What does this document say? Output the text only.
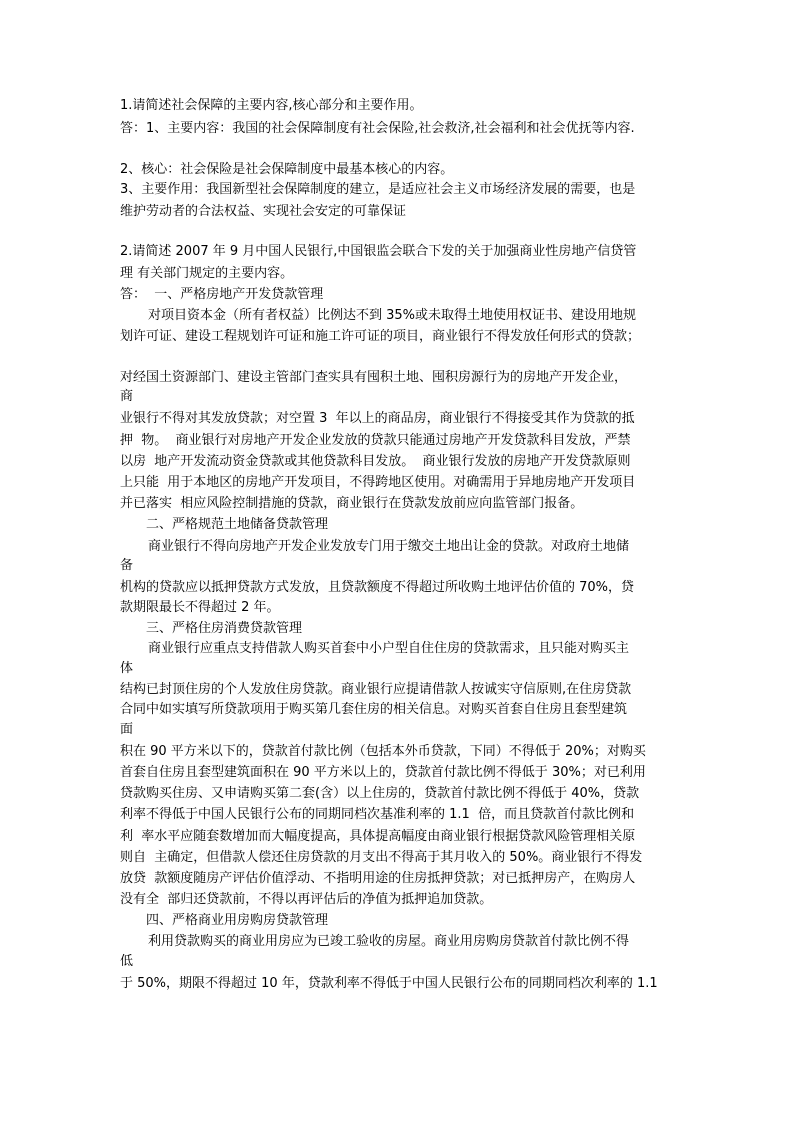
1.请简述社会保障的主要内容,核心部分和主要作用。
答：1、主要内容：我国的社会保障制度有社会保险,社会救济,社会福利和社会优抚等内容.
2、核心：社会保险是社会保障制度中最基本核心的内容。
3、主要作用：我国新型社会保障制度的建立，是适应社会主义市场经济发展的需要，也是
维护劳动者的合法权益、实现社会安定的可靠保证
2.请简述 2007 年 9 月中国人民银行,中国银监会联合下发的关于加强商业性房地产信贷管
理 有关部门规定的主要内容。
答：  一、严格房地产开发贷款管理
对项目资本金（所有者权益）比例达不到 35%或未取得土地使用权证书、建设用地规
划许可证、建设工程规划许可证和施工许可证的项目，商业银行不得发放任何形式的贷款；
对经国土资源部门、建设主管部门查实具有囤积土地、囤积房源行为的房地产开发企业，
商
业银行不得对其发放贷款；对空置 3  年以上的商品房，商业银行不得接受其作为贷款的抵
押  物。  商业银行对房地产开发企业发放的贷款只能通过房地产开发贷款科目发放，严禁
以房  地产开发流动资金贷款或其他贷款科目发放。  商业银行发放的房地产开发贷款原则
上只能  用于本地区的房地产开发项目，不得跨地区使用。对确需用于异地房地产开发项目
并已落实  相应风险控制措施的贷款，商业银行在贷款发放前应向监管部门报备。
二、严格规范土地储备贷款管理
商业银行不得向房地产开发企业发放专门用于缴交土地出让金的贷款。对政府土地储
备
机构的贷款应以抵押贷款方式发放，且贷款额度不得超过所收购土地评估价值的 70%，贷
款期限最长不得超过 2 年。
三、严格住房消费贷款管理
商业银行应重点支持借款人购买首套中小户型自住住房的贷款需求，且只能对购买主
体
结构已封顶住房的个人发放住房贷款。商业银行应提请借款人按诚实守信原则,在住房贷款
合同中如实填写所贷款项用于购买第几套住房的相关信息。对购买首套自住房且套型建筑
面
积在 90 平方米以下的，贷款首付款比例（包括本外币贷款，下同）不得低于 20%；对购买
首套自住房且套型建筑面积在 90 平方米以上的，贷款首付款比例不得低于 30%；对已利用
贷款购买住房、又申请购买第二套(含）以上住房的，贷款首付款比例不得低于 40%，贷款
利率不得低于中国人民银行公布的同期同档次基准利率的 1.1  倍，而且贷款首付款比例和
利  率水平应随套数增加而大幅度提高，具体提高幅度由商业银行根据贷款风险管理相关原
则自  主确定，但借款人偿还住房贷款的月支出不得高于其月收入的 50%。商业银行不得发
放贷  款额度随房产评估价值浮动、不指明用途的住房抵押贷款；对已抵押房产，在购房人
没有全  部归还贷款前，不得以再评估后的净值为抵押追加贷款。
四、严格商业用房购房贷款管理
利用贷款购买的商业用房应为已竣工验收的房屋。商业用房购房贷款首付款比例不得
低
于 50%，期限不得超过 10 年，贷款利率不得低于中国人民银行公布的同期同档次利率的 1.1
